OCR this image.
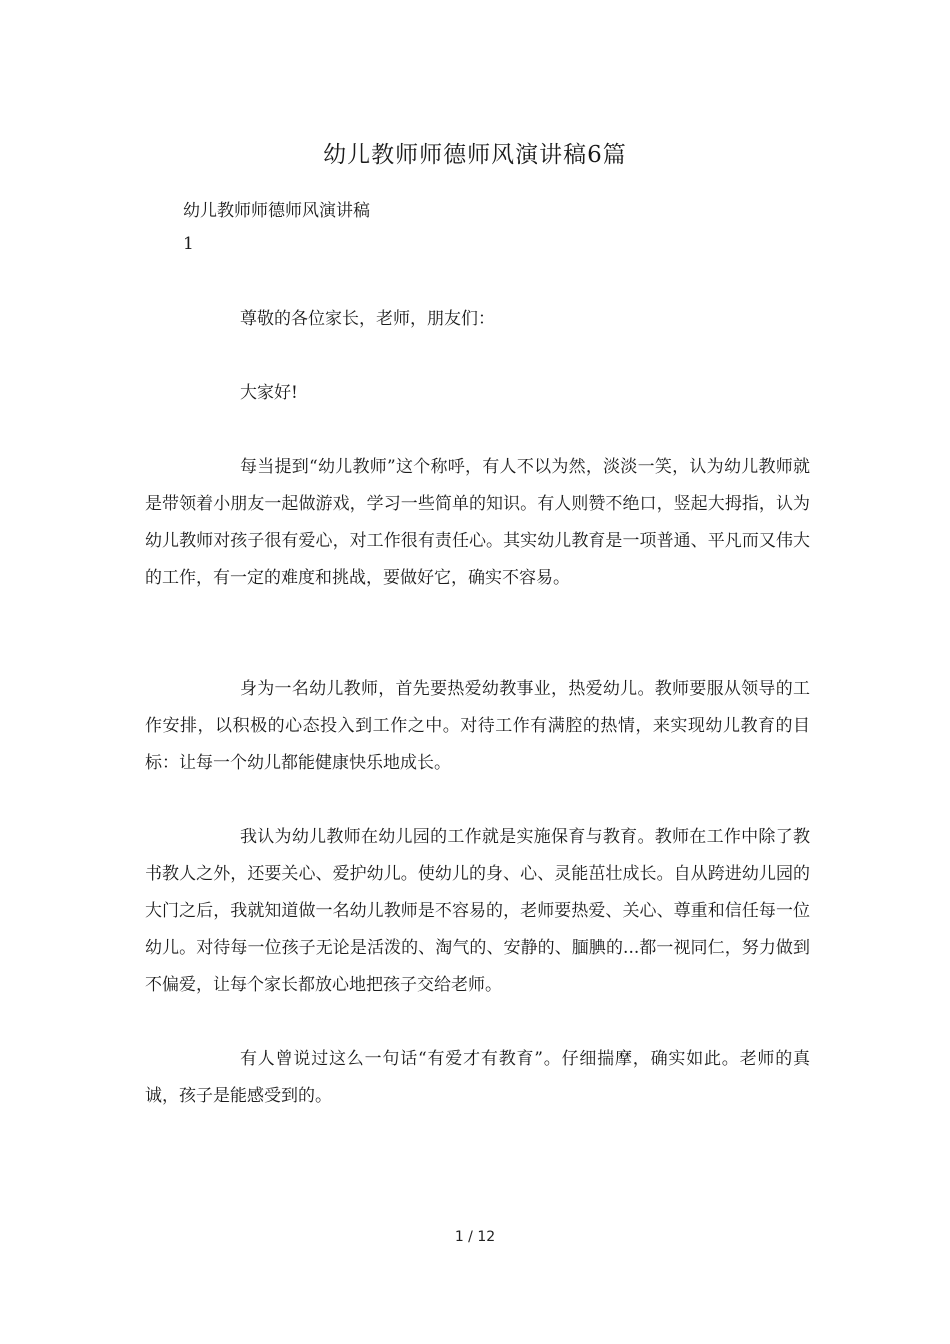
幼儿教师师德师风演讲稿6篇
幼儿教师师德师风演讲稿
1

尊敬的各位家长，老师，朋友们：

大家好!

每当提到“幼儿教师”这个称呼，有人不以为然，淡淡一笑，认为幼儿教师就是带领着小朋友一起做游戏，学习一些简单的知识。有人则赞不绝口，竖起大拇指，认为幼儿教师对孩子很有爱心，对工作很有责任心。其实幼儿教育是一项普通、平凡而又伟大的工作，有一定的难度和挑战，要做好它，确实不容易。

身为一名幼儿教师，首先要热爱幼教事业，热爱幼儿。教师要服从领导的工作安排，以积极的心态投入到工作之中。对待工作有满腔的热情，来实现幼儿教育的目标：让每一个幼儿都能健康快乐地成长。

我认为幼儿教师在幼儿园的工作就是实施保育与教育。教师在工作中除了教书教人之外，还要关心、爱护幼儿。使幼儿的身、心、灵能茁壮成长。自从跨进幼儿园的大门之后，我就知道做一名幼儿教师是不容易的，老师要热爱、关心、尊重和信任每一位幼儿。对待每一位孩子无论是活泼的、淘气的、安静的、腼腆的...都一视同仁，努力做到不偏爱，让每个家长都放心地把孩子交给老师。

有人曾说过这么一句话“有爱才有教育”。仔细揣摩，确实如此。老师的真诚，孩子是能感受到的。

1 / 12
